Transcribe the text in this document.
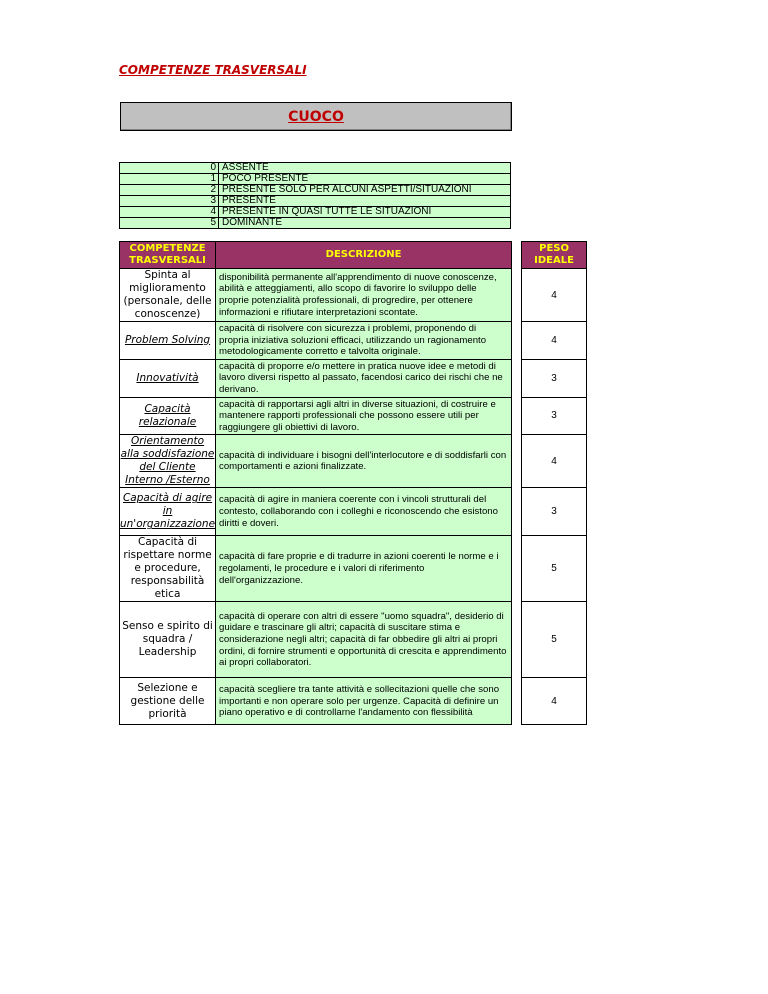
COMPETENZE TRASVERSALI
CUOCO
0	ASSENTE
1	POCO PRESENTE
2	PRESENTE SOLO PER ALCUNI ASPETTI/SITUAZIONI
3	PRESENTE
4	PRESENTE IN QUASI TUTTE LE SITUAZIONI
5	DOMINANTE
COMPETENZE TRASVERSALI	DESCRIZIONE		PESO IDEALE
Spinta al miglioramento (personale, delle conoscenze)	disponibilità permanente all'apprendimento di nuove conoscenze, abilità e atteggiamenti, allo scopo di favorire lo sviluppo delle proprie potenzialità professionali, di progredire, per ottenere informazioni e rifiutare interpretazioni scontate.		4
Problem Solving	capacità di risolvere con sicurezza i problemi, proponendo di propria iniziativa soluzioni efficaci, utilizzando un ragionamento metodologicamente corretto e talvolta originale.		4
Innovatività	capacità di proporre e/o mettere in pratica nuove idee e metodi di lavoro diversi rispetto al passato, facendosi carico dei rischi che ne derivano.		3
Capacità relazionale	capacità di rapportarsi agli altri in diverse situazioni, di costruire e mantenere rapporti professionali che possono essere utili per raggiungere gli obiettivi di lavoro.		3
Orientamento alla soddisfazione del Cliente Interno /Esterno	capacità di individuare i bisogni dell'interlocutore e di soddisfarli con comportamenti e azioni finalizzate.		4
Capacità di agire in un'organizzazione	capacità di agire in maniera coerente con i vincoli strutturali del contesto, collaborando con i colleghi e riconoscendo che esistono diritti e doveri.		3
Capacità di rispettare norme e procedure, responsabilità etica	capacità di fare proprie e di tradurre in azioni coerenti le norme e i regolamenti, le procedure e i valori di riferimento dell'organizzazione.		5
Senso e spirito di squadra / Leadership	capacità di operare con altri di essere "uomo squadra", desiderio di guidare e trascinare gli altri; capacità di suscitare stima e considerazione negli altri; capacità di far obbedire gli altri ai propri ordini, di fornire strumenti e opportunità di crescita e apprendimento ai propri collaboratori.		5
Selezione e gestione delle priorità	capacità scegliere tra tante attività e sollecitazioni quelle che sono importanti e non operare solo per urgenze. Capacità di definire un piano operativo e di controllarne l'andamento con flessibilità		4
